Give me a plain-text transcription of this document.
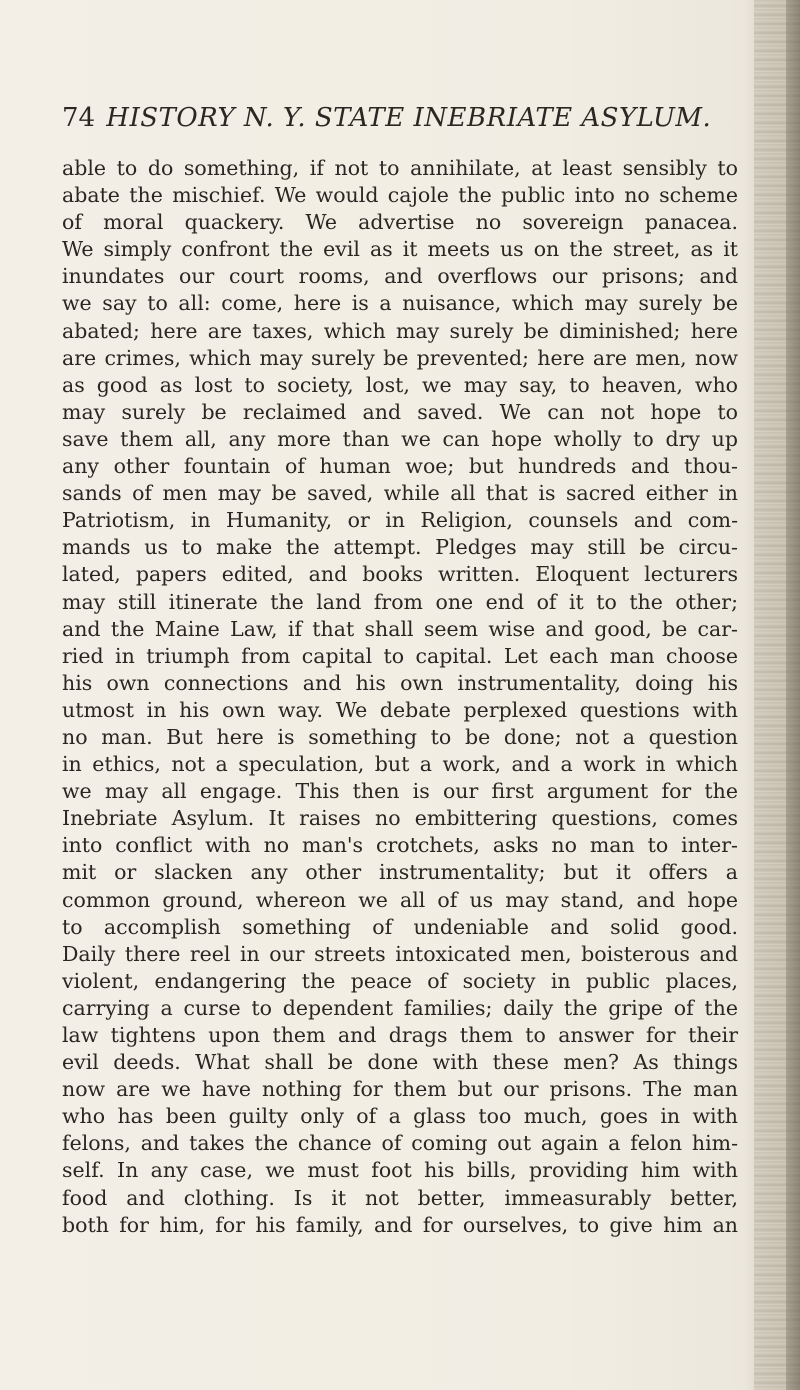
74 HISTORY N. Y. STATE INEBRIATE ASYLUM.
able to do something, if not to annihilate, at least sensibly to
abate the mischief. We would cajole the public into no scheme
of moral quackery. We advertise no sovereign panacea.
We simply confront the evil as it meets us on the street, as it
inundates our court rooms, and overflows our prisons; and
we say to all: come, here is a nuisance, which may surely be
abated; here are taxes, which may surely be diminished; here
are crimes, which may surely be prevented; here are men, now
as good as lost to society, lost, we may say, to heaven, who
may surely be reclaimed and saved. We can not hope to
save them all, any more than we can hope wholly to dry up
any other fountain of human woe; but hundreds and thou-
sands of men may be saved, while all that is sacred either in
Patriotism, in Humanity, or in Religion, counsels and com-
mands us to make the attempt. Pledges may still be circu-
lated, papers edited, and books written. Eloquent lecturers
may still itinerate the land from one end of it to the other;
and the Maine Law, if that shall seem wise and good, be car-
ried in triumph from capital to capital. Let each man choose
his own connections and his own instrumentality, doing his
utmost in his own way. We debate perplexed questions with
no man. But here is something to be done; not a question
in ethics, not a speculation, but a work, and a work in which
we may all engage. This then is our first argument for the
Inebriate Asylum. It raises no embittering questions, comes
into conflict with no man's crotchets, asks no man to inter-
mit or slacken any other instrumentality; but it offers a
common ground, whereon we all of us may stand, and hope
to accomplish something of undeniable and solid good.
Daily there reel in our streets intoxicated men, boisterous and
violent, endangering the peace of society in public places,
carrying a curse to dependent families; daily the gripe of the
law tightens upon them and drags them to answer for their
evil deeds. What shall be done with these men? As things
now are we have nothing for them but our prisons. The man
who has been guilty only of a glass too much, goes in with
felons, and takes the chance of coming out again a felon him-
self. In any case, we must foot his bills, providing him with
food and clothing. Is it not better, immeasurably better,
both for him, for his family, and for ourselves, to give him an
